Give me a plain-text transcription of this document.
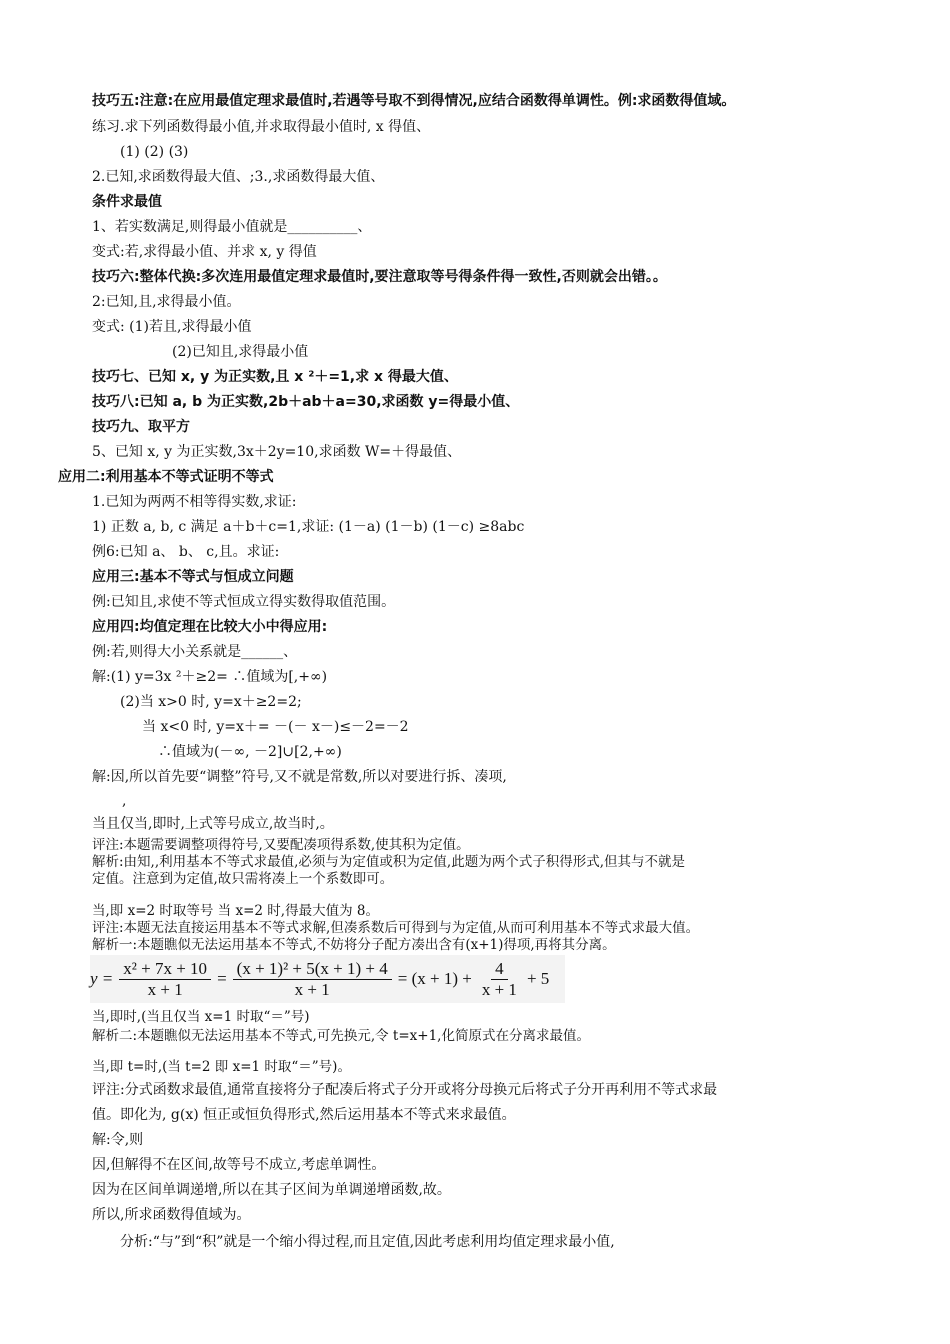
技巧五:注意:在应用最值定理求最值时,若遇等号取不到得情况,应结合函数得单调性。例:求函数得值域。
练习.求下列函数得最小值,并求取得最小值时, x 得值、
(1) (2) (3)
2.已知,求函数得最大值、;3.,求函数得最大值、
条件求最值
1、若实数满足,则得最小值就是__________、
变式:若,求得最小值、并求 x, y 得值
技巧六:整体代换:多次连用最值定理求最值时,要注意取等号得条件得一致性,否则就会出错。。
2:已知,且,求得最小值。
变式: (1)若且,求得最小值
(2)已知且,求得最小值
技巧七、已知 x, y 为正实数,且 x ²＋=1,求 x 得最大值、
技巧八:已知 a, b 为正实数,2b＋ab＋a=30,求函数 y=得最小值、
技巧九、取平方
5、已知 x, y 为正实数,3x＋2y=10,求函数 W=＋得最值、
应用二:利用基本不等式证明不等式
1.已知为两两不相等得实数,求证:
1) 正数 a, b, c 满足 a＋b＋c=1,求证: (1－a) (1－b) (1－c) ≥8abc
例6:已知 a、 b、 c,且。求证:
应用三:基本不等式与恒成立问题
例:已知且,求使不等式恒成立得实数得取值范围。
应用四:均值定理在比较大小中得应用:
例:若,则得大小关系就是______、
解:(1) y=3x ²＋≥2= ∴值域为[,+∞)
(2)当 x>0 时, y=x＋≥2=2;
当 x<0 时, y=x＋= －(－ x－)≤－2=－2
∴值域为(－∞, －2]∪[2,+∞)
解:因,所以首先要“调整”符号,又不就是常数,所以对要进行拆、凑项,
,
当且仅当,即时,上式等号成立,故当时,。
评注:本题需要调整项得符号,又要配凑项得系数,使其积为定值。
解析:由知,,利用基本不等式求最值,必须与为定值或积为定值,此题为两个式子积得形式,但其与不就是
定值。注意到为定值,故只需将凑上一个系数即可。
当,即 x=2 时取等号 当 x=2 时,得最大值为 8。
评注:本题无法直接运用基本不等式求解,但凑系数后可得到与为定值,从而可利用基本不等式求最大值。
解析一:本题瞧似无法运用基本不等式,不妨将分子配方凑出含有(x+1)得项,再将其分离。
$y = \frac{\text{x² + 7x + 10}}{x + 1} = \frac{\text{(x + 1)² + 5(x + 1) + 4}}{x + 1} = (x + 1) + \frac{4}{x + 1} + 5$
当,即时,(当且仅当 x=1 时取“＝”号)
解析二:本题瞧似无法运用基本不等式,可先换元,令 t=x+1,化简原式在分离求最值。
当,即 t=时,(当 t=2 即 x=1 时取“＝”号)。
评注:分式函数求最值,通常直接将分子配凑后将式子分开或将分母换元后将式子分开再利用不等式求最
值。即化为, g(x) 恒正或恒负得形式,然后运用基本不等式来求最值。
解:令,则
因,但解得不在区间,故等号不成立,考虑单调性。
因为在区间单调递增,所以在其子区间为单调递增函数,故。
所以,所求函数得值域为。
分析:“与”到“积”就是一个缩小得过程,而且定值,因此考虑利用均值定理求最小值,
